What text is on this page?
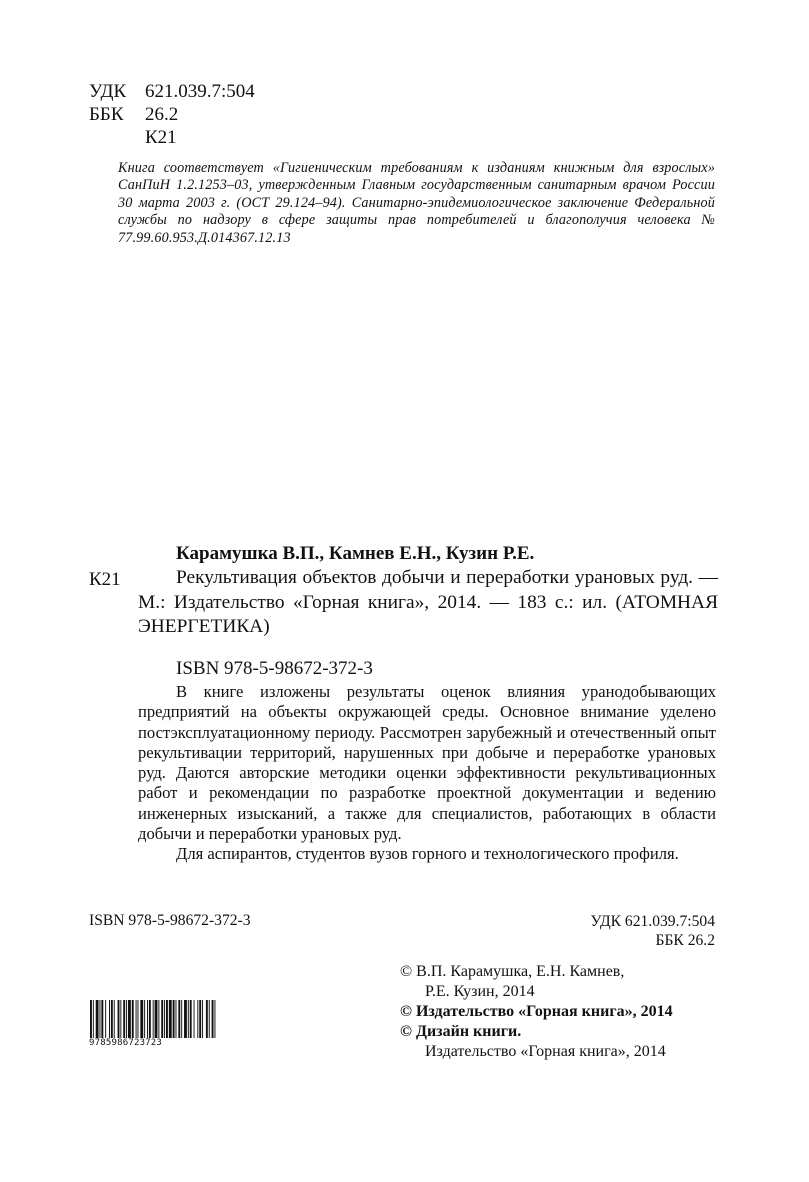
УДК 621.039.7:504
ББК 26.2
К21
Книга соответствует «Гигиеническим требованиям к изданиям книжным для взрослых» СанПиН 1.2.1253–03, утвержденным Главным государственным санитарным врачом России 30 марта 2003 г. (ОСТ 29.124–94). Санитарно-эпидемиологическое заключение Федеральной службы по надзору в сфере защиты прав потребителей и благополучия человека № 77.99.60.953.Д.014367.12.13
Карамушка В.П., Камнев Е.Н., Кузин Р.Е.
К21	Рекультивация объектов добычи и переработки урановых руд. — М.: Издательство «Горная книга», 2014. — 183 с.: ил. (АТОМНАЯ ЭНЕРГЕТИКА)
ISBN 978-5-98672-372-3

В книге изложены результаты оценок влияния уранодобывающих предприятий на объекты окружающей среды. Основное внимание уделено постэксплуатационному периоду. Рассмотрен зарубежный и отечественный опыт рекультивации территорий, нарушенных при добыче и переработке урановых руд. Даются авторские методики оценки эффективности рекультивационных работ и рекомендации по разработке проектной документации и ведению инженерных изысканий, а также для специалистов, работающих в области добычи и переработки урановых руд.

Для аспирантов, студентов вузов горного и технологического профиля.

ISBN 978-5-98672-372-3	УДК 621.039.7:504
ББК 26.2
9785986723723
© В.П. Карамушка, Е.Н. Камнев,
Р.Е. Кузин, 2014
© Издательство «Горная книга», 2014
© Дизайн книги.
Издательство «Горная книга», 2014
